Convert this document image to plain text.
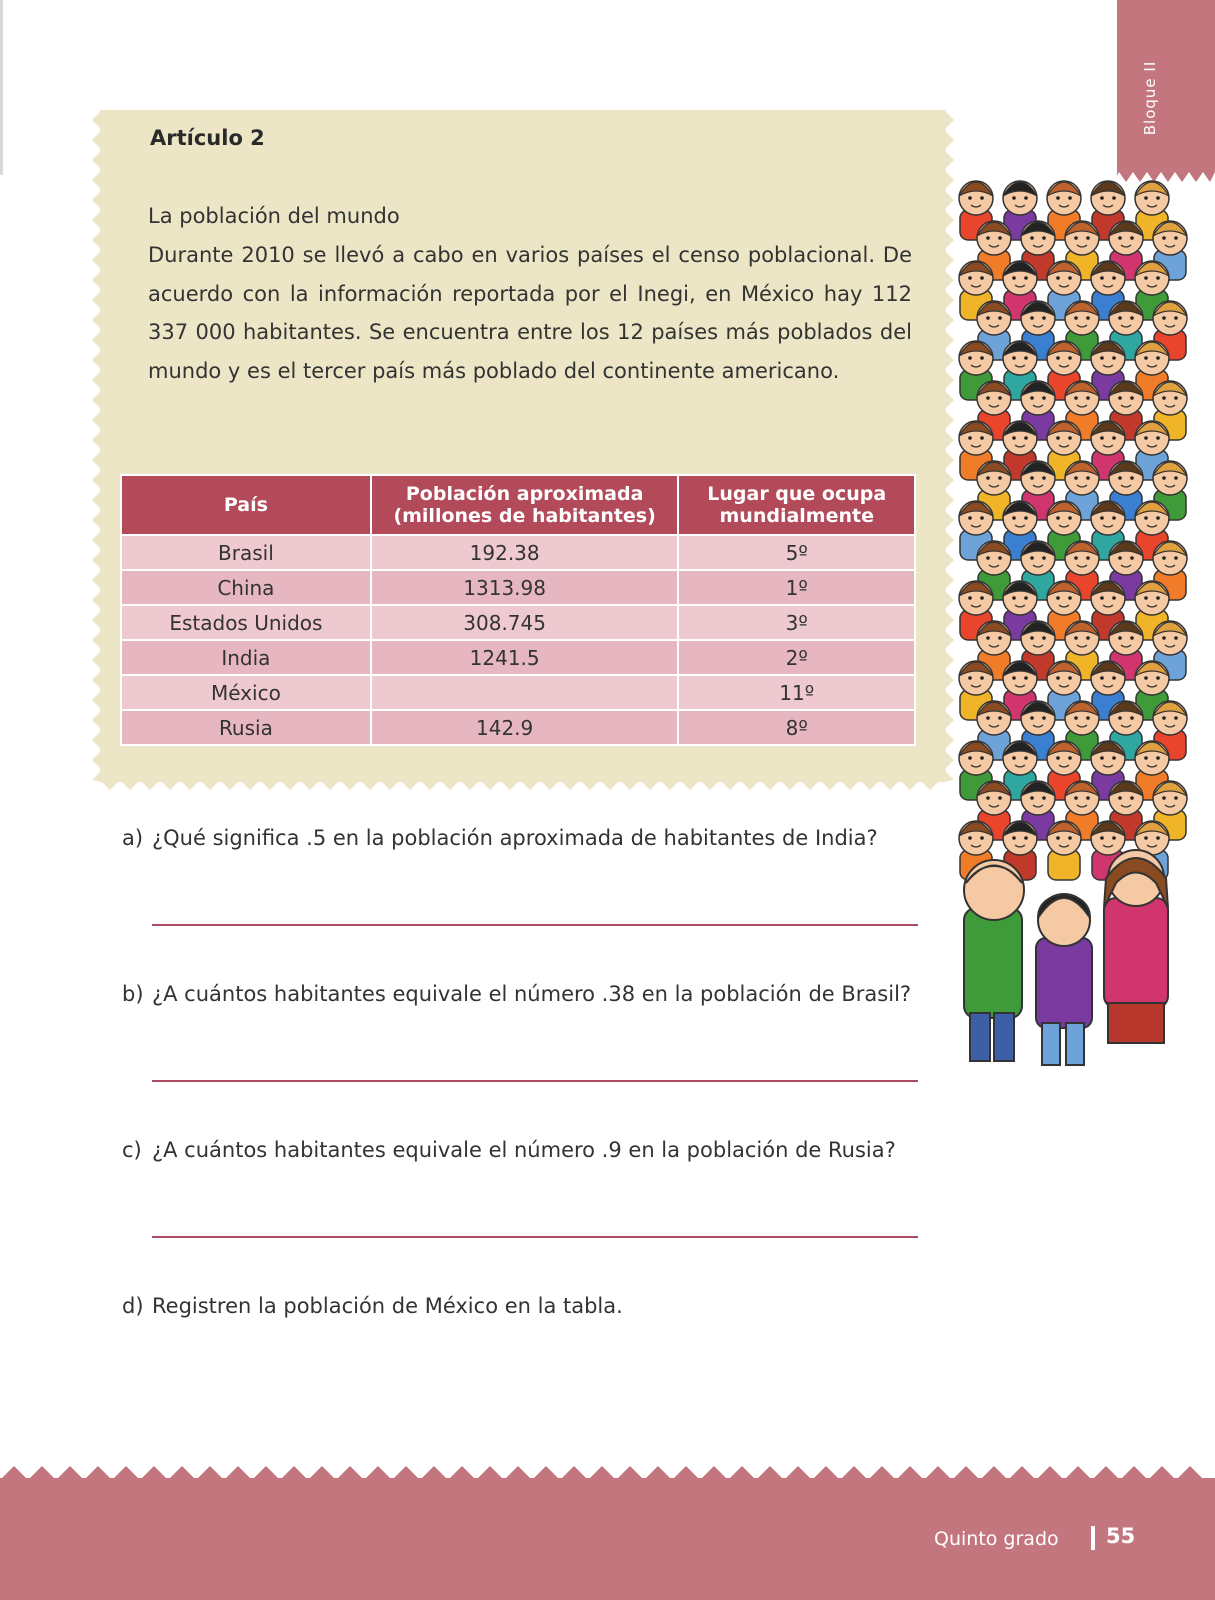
Bloque II
Artículo 2
La población del mundo
Durante 2010 se llevó a cabo en varios países el censo poblacional. De acuerdo con la información reportada por el Inegi, en México hay 112 337 000 habitantes. Se encuentra entre los 12 países más poblados del mundo y es el tercer país más poblado del continente americano.
País	Población aproximada (millones de habitantes)	Lugar que ocupa mundialmente
Brasil	192.38	5º
China	1313.98	1º
Estados Unidos	308.745	3º
India	1241.5	2º
México		11º
Rusia	142.9	8º
a) ¿Qué significa .5 en la población aproximada de habitantes de India?
b) ¿A cuántos habitantes equivale el número .38 en la población de Brasil?
c) ¿A cuántos habitantes equivale el número .9 en la población de Rusia?
d) Registren la población de México en la tabla.
Quinto grado 55
